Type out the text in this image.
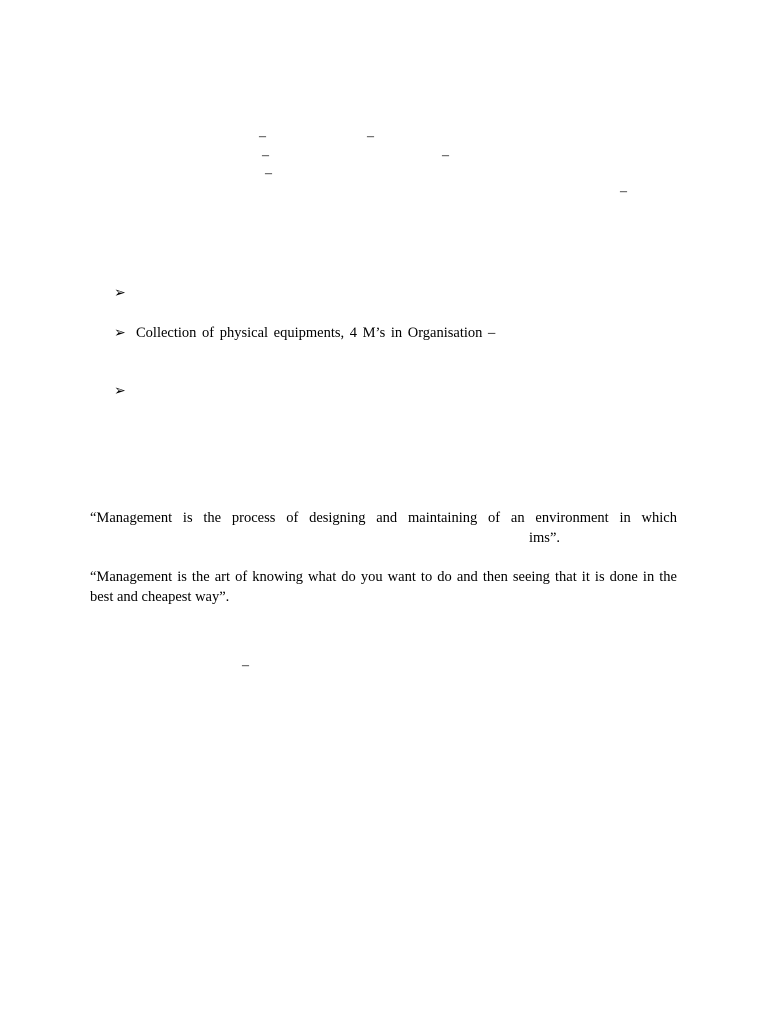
–	–
–	–
–
–
➢
➢ Collection of physical equipments, 4 M’s in Organisation –
➢
“Management is the process of designing and maintaining of an environment in which
ims”.
“Management is the art of knowing what do you want to do and then seeing that it is done in the
best and cheapest way”.
–
